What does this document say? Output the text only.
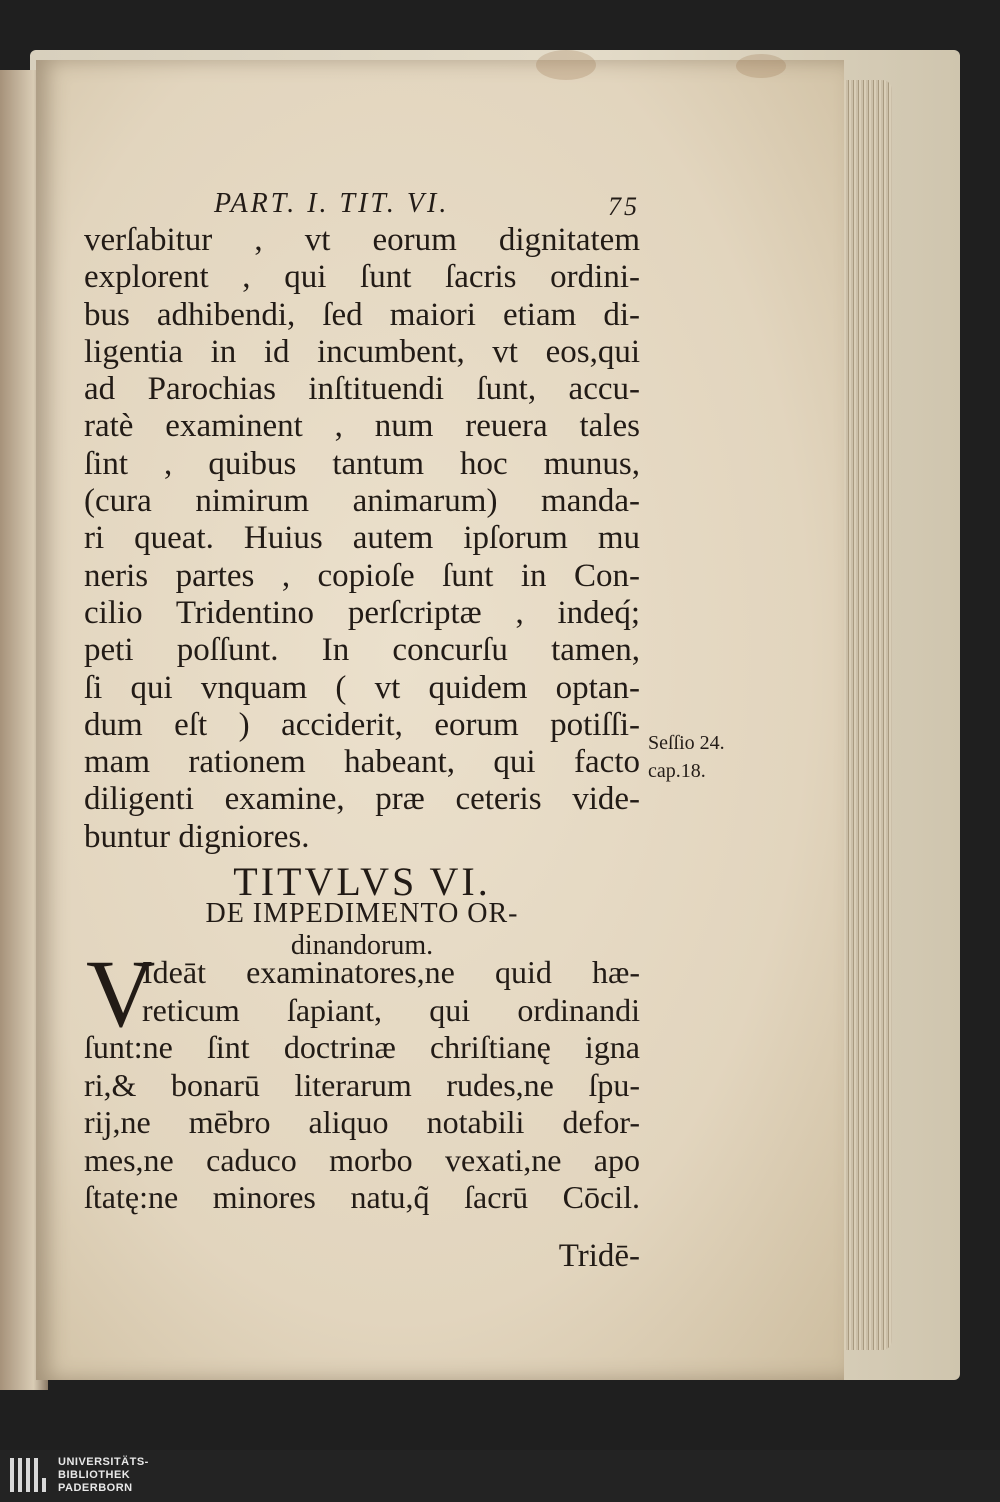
PART. I. TIT. VI.	75
verſabitur , vt eorum dignitatem
explorent , qui ſunt ſacris ordini-
bus adhibendi, ſed maiori etiam di-
ligentia in id incumbent, vt eos,qui
ad Parochias inſtituendi ſunt, accu-
ratè examinent , num reuera tales
ſint , quibus tantum hoc munus,
(cura nimirum animarum) manda-
ri queat. Huius autem ipſorum mu
neris partes , copioſe ſunt in Con-
cilio Tridentino perſcriptæ , indeq́;
peti poſſunt. In concurſu tamen,
ſi qui vnquam ( vt quidem optan-
dum eſt ) acciderit, eorum potiſſi-
mam rationem habeant, qui facto
diligenti examine, præ ceteris vide-
buntur digniores.
Seſſio 24.
cap.18.
TITVLVS VI.
DE IMPEDIMENTO OR-
dinandorum.
V
Ideāt examinatores,ne quid hæ-
reticum ſapiant, qui ordinandi
ſunt:ne ſint doctrinæ chriſtianę igna
ri,& bonarū literarum rudes,ne ſpu-
rij,ne mēbro aliquo notabili defor-
mes,ne caduco morbo vexati,ne apo
ſtatę:ne minores natu,q̃ ſacrū Cōcil.
Tridē-
UNIVERSITÄTS-
BIBLIOTHEK
PADERBORN
